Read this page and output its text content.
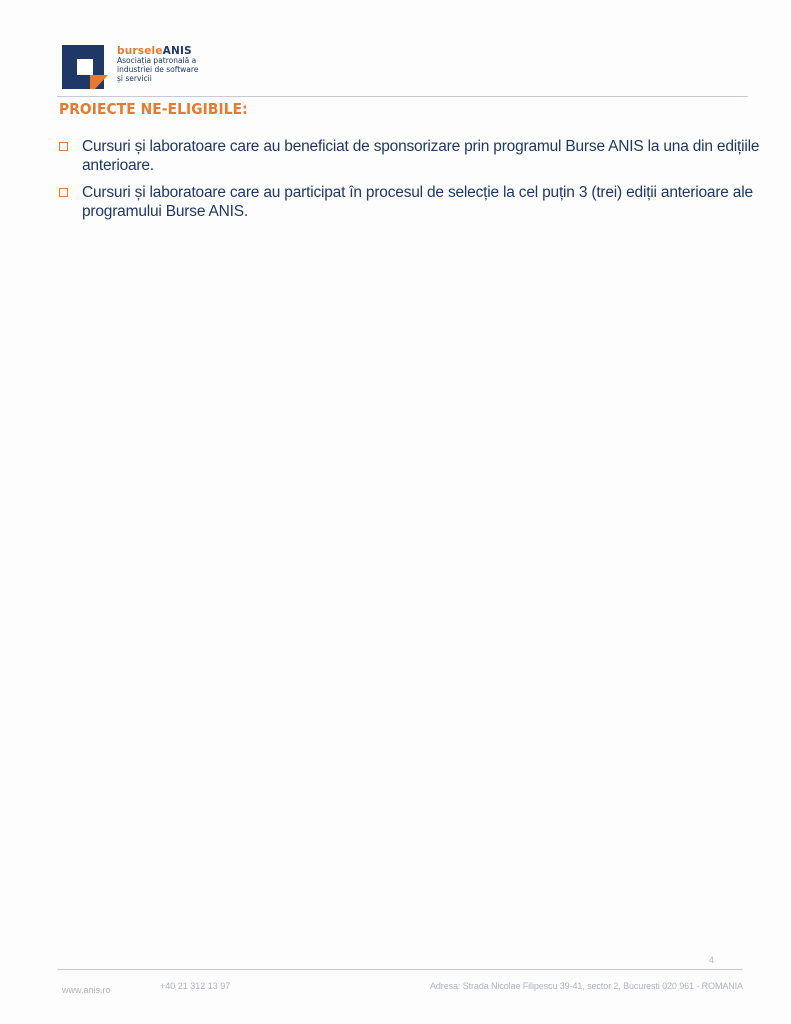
burseleANIS
Asociația patronală a
industriei de software
și servicii
PROIECTE NE-ELIGIBILE:
Cursuri și laboratoare care au beneficiat de sponsorizare prin programul Burse ANIS la una din edițiile anterioare.
Cursuri și laboratoare care au participat în procesul de selecție la cel puțin 3 (trei) ediții anterioare ale programului Burse ANIS.
4
www.anis.ro	+40 21 312 13 97	Adresa: Strada Nicolae Filipescu 39-41, sector 2, Bucuresti 020 961 - ROMANIA
